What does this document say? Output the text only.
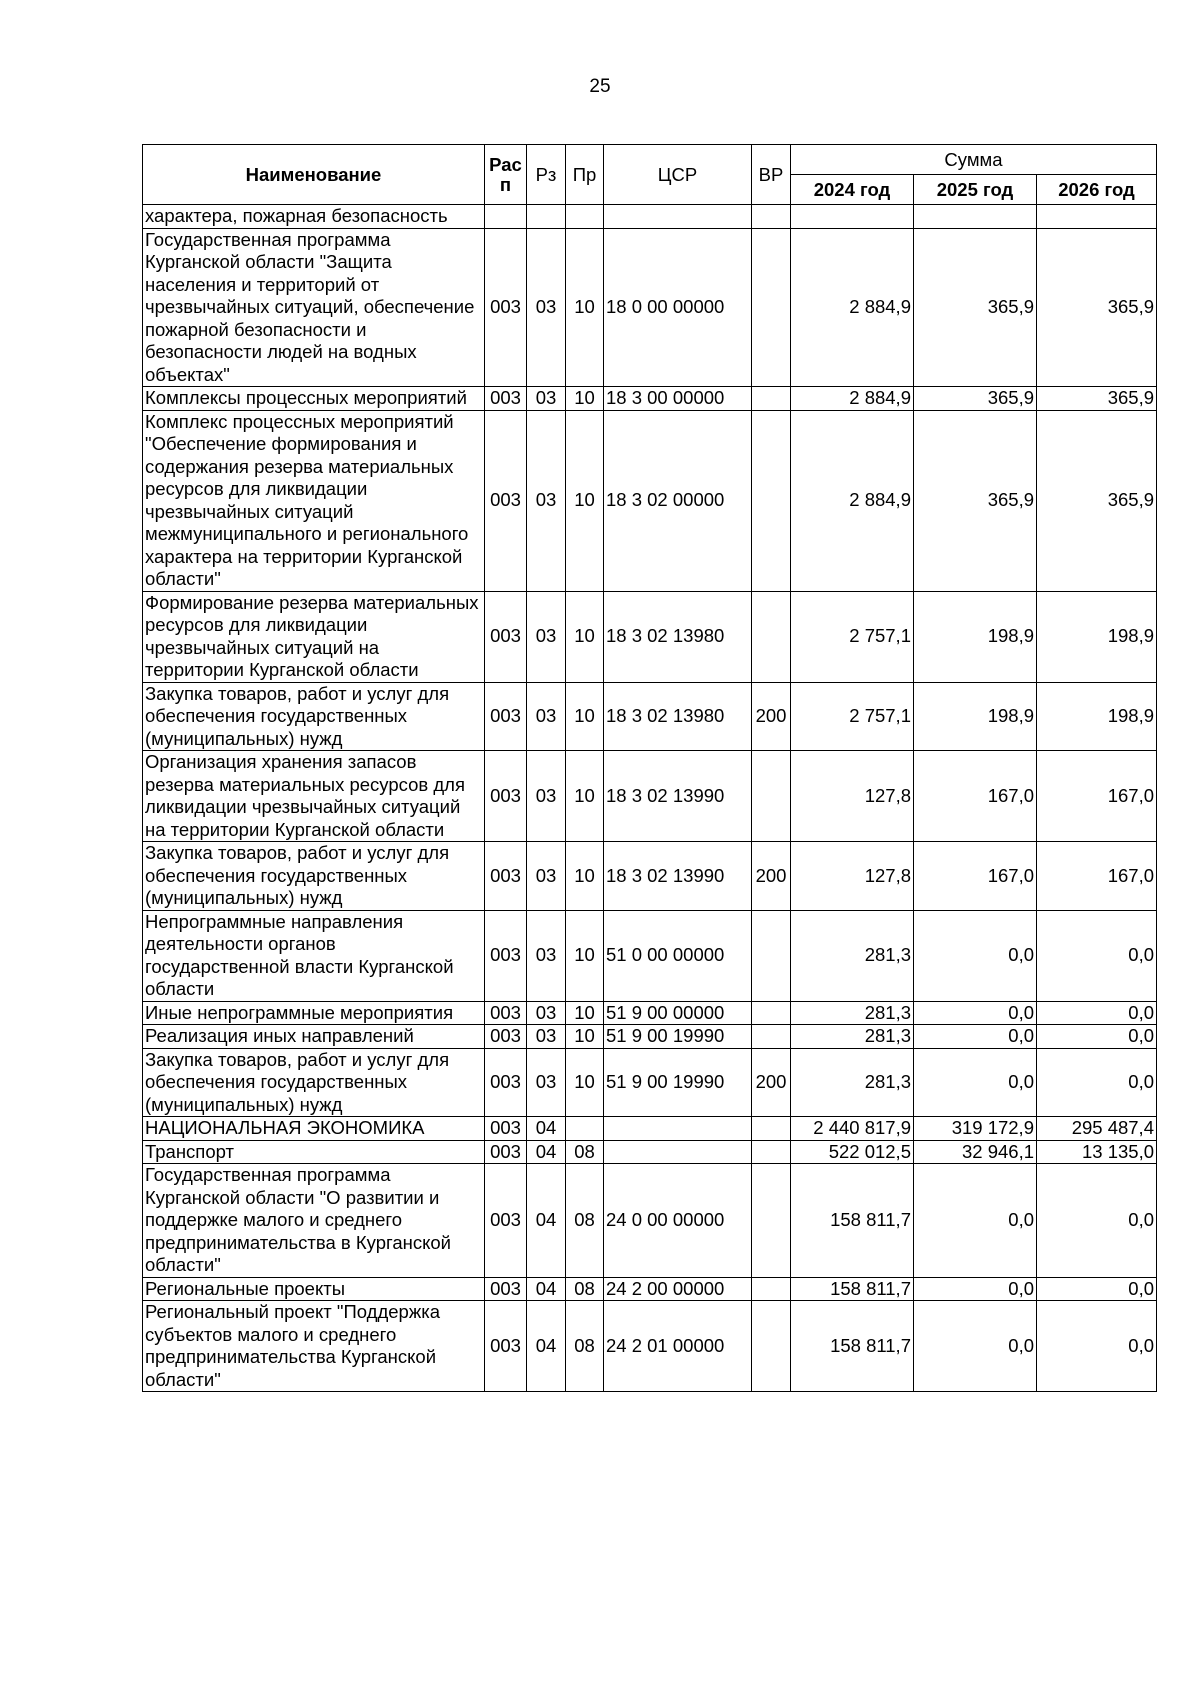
25
Наименование	Рас п	Рз	Пр	ЦСР	ВР	Сумма		
						2024 год	2025 год	2026 год
характера, пожарная безопасность								
Государственная программа Курганской области "Защита населения и территорий от чрезвычайных ситуаций, обеспечение пожарной безопасности и безопасности людей на водных объектах"	003	03	10	18 0 00 00000		2 884,9	365,9	365,9
Комплексы процессных мероприятий	003	03	10	18 3 00 00000		2 884,9	365,9	365,9
Комплекс процессных мероприятий "Обеспечение формирования и содержания резерва материальных ресурсов для ликвидации чрезвычайных ситуаций межмуниципального и регионального характера на территории Курганской области"	003	03	10	18 3 02 00000		2 884,9	365,9	365,9
Формирование резерва материальных ресурсов для ликвидации чрезвычайных ситуаций на территории Курганской области	003	03	10	18 3 02 13980		2 757,1	198,9	198,9
Закупка товаров, работ и услуг для обеспечения государственных (муниципальных) нужд	003	03	10	18 3 02 13980	200	2 757,1	198,9	198,9
Организация хранения запасов резерва материальных ресурсов для ликвидации чрезвычайных ситуаций на территории Курганской области	003	03	10	18 3 02 13990		127,8	167,0	167,0
Закупка товаров, работ и услуг для обеспечения государственных (муниципальных) нужд	003	03	10	18 3 02 13990	200	127,8	167,0	167,0
Непрограммные направления деятельности органов государственной власти Курганской области	003	03	10	51 0 00 00000		281,3	0,0	0,0
Иные непрограммные мероприятия	003	03	10	51 9 00 00000		281,3	0,0	0,0
Реализация иных направлений	003	03	10	51 9 00 19990		281,3	0,0	0,0
Закупка товаров, работ и услуг для обеспечения государственных (муниципальных) нужд	003	03	10	51 9 00 19990	200	281,3	0,0	0,0
НАЦИОНАЛЬНАЯ ЭКОНОМИКА	003	04				2 440 817,9	319 172,9	295 487,4
Транспорт	003	04	08			522 012,5	32 946,1	13 135,0
Государственная программа Курганской области "О развитии и поддержке малого и среднего предпринимательства в Курганской области"	003	04	08	24 0 00 00000		158 811,7	0,0	0,0
Региональные проекты	003	04	08	24 2 00 00000		158 811,7	0,0	0,0
Региональный проект "Поддержка субъектов малого и среднего предпринимательства Курганской области"	003	04	08	24 2 01 00000		158 811,7	0,0	0,0
